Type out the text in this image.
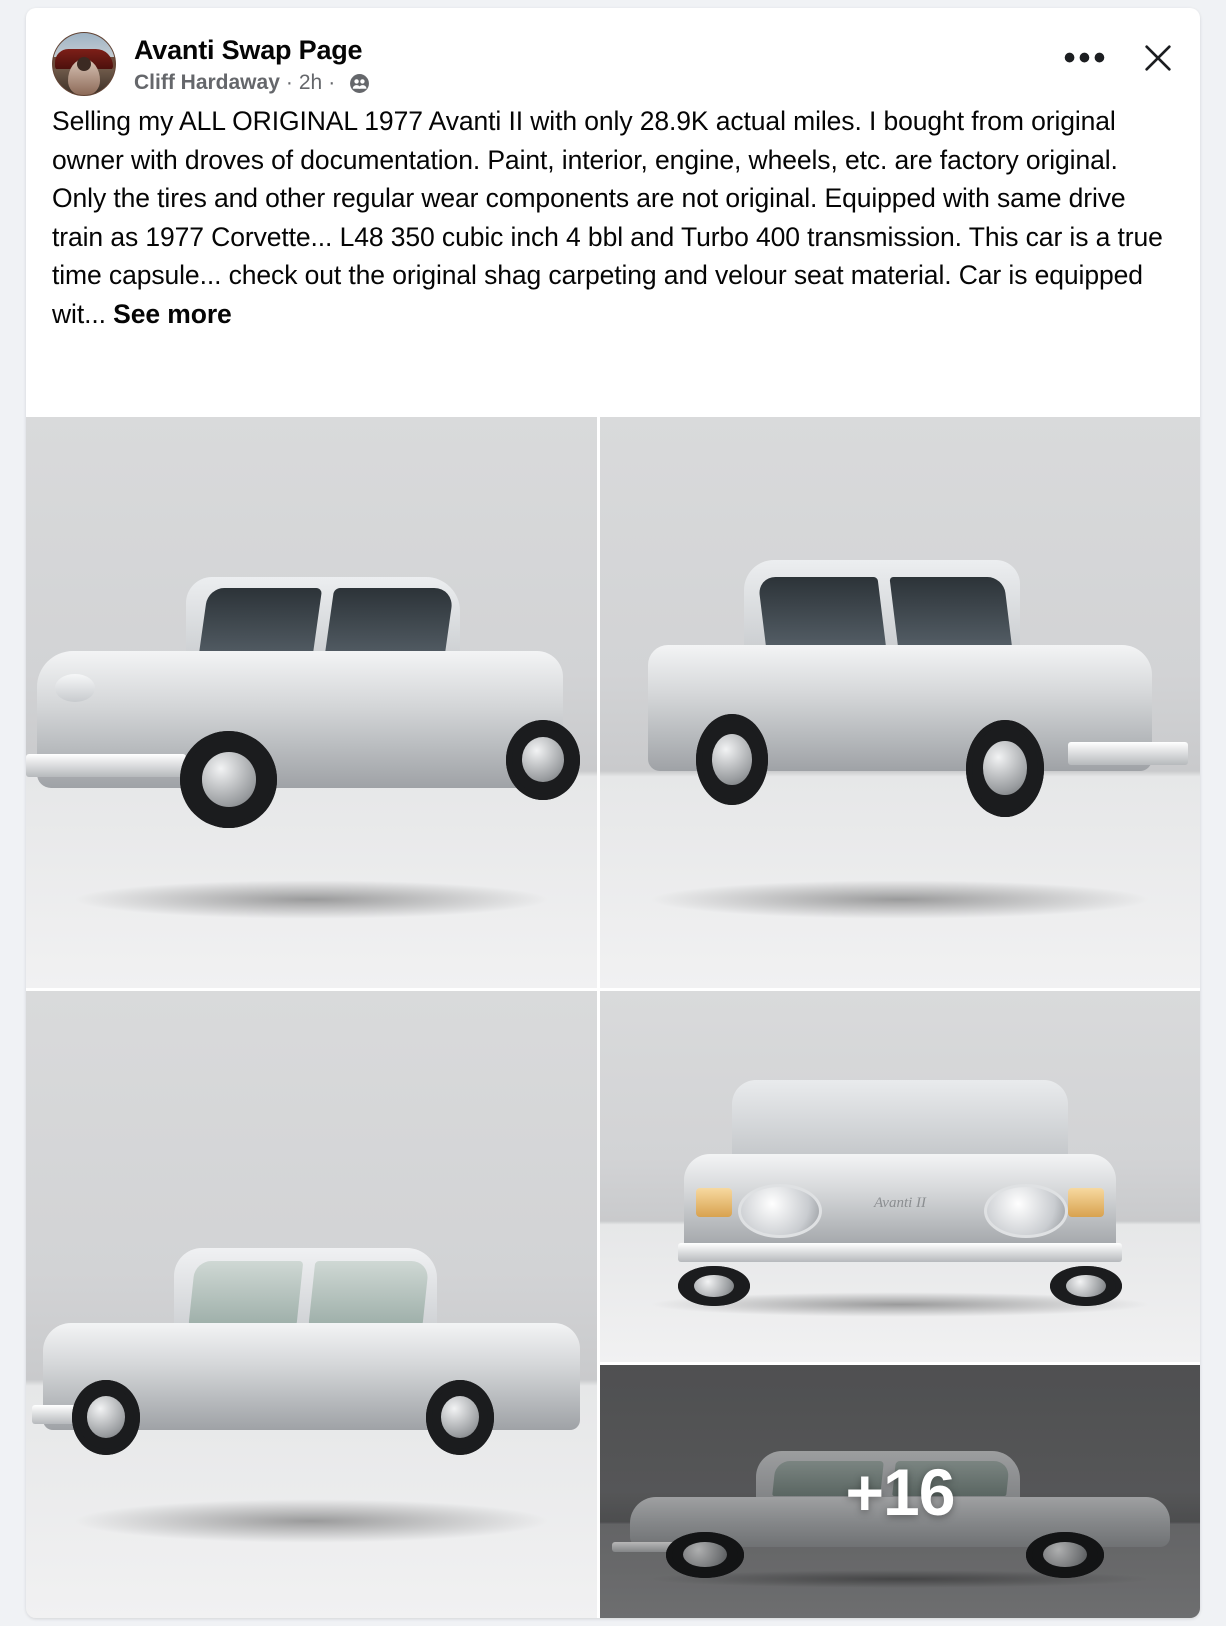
Avanti Swap Page
Cliff Hardaway · 2h ·
•••
Selling my ALL ORIGINAL 1977 Avanti II with only 28.9K actual miles. I bought from original owner with droves of documentation. Paint, interior, engine, wheels, etc. are factory original. Only the tires and other regular wear components are not original. Equipped with same drive train as 1977 Corvette... L48 350 cubic inch 4 bbl and Turbo 400 transmission. This car is a true time capsule... check out the original shag carpeting and velour seat material. Car is equipped wit... See more
Avanti II
+16
